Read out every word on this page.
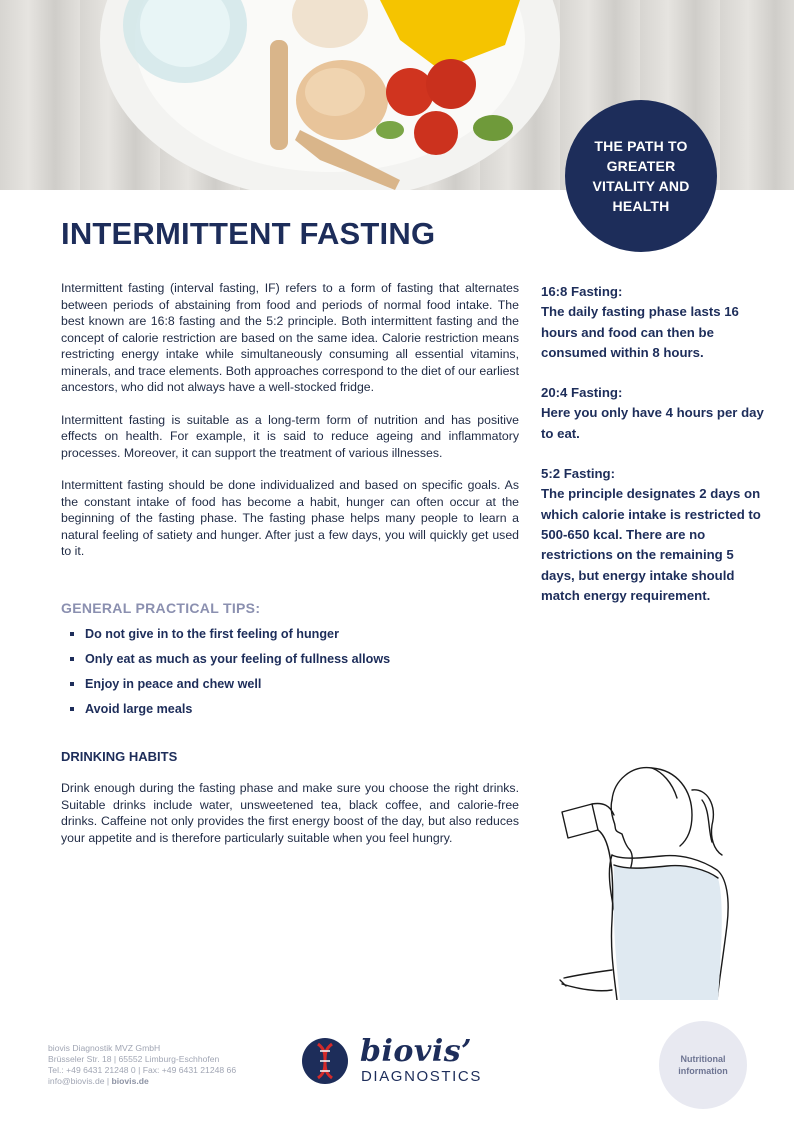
THE PATH TO GREATER VITALITY AND HEALTH
INTERMITTENT FASTING

Intermittent fasting (interval fasting, IF) refers to a form of fasting that alternates between periods of abstaining from food and periods of normal food intake. The best known are 16:8 fasting and the 5:2 principle. Both intermittent fasting and the concept of calorie restriction are based on the same idea. Calorie restriction means restricting energy intake while simultaneously consuming all essential vitamins, minerals, and trace elements. Both approaches correspond to the diet of our earliest ancestors, who did not always have a well-stocked fridge.

Intermittent fasting is suitable as a long-term form of nutrition and has positive effects on health. For example, it is said to reduce ageing and inflammatory processes. Moreover, it can support the treatment of various illnesses.

Intermittent fasting should be done individualized and based on specific goals. As the constant intake of food has become a habit, hunger can often occur at the beginning of the fasting phase. The fasting phase helps many people to learn a natural feeling of satiety and hunger. After just a few days, you will quickly get used to it.

GENERAL PRACTICAL TIPS:
Do not give in to the first feeling of hunger
Only eat as much as your feeling of fullness allows
Enjoy in peace and chew well
Avoid large meals
DRINKING HABITS

Drink enough during the fasting phase and make sure you choose the right drinks. Suitable drinks include water, unsweetened tea, black coffee, and calorie-free drinks. Caffeine not only provides the first energy boost of the day, but also reduces your appetite and is therefore particularly suitable when you feel hungry.

16:8 Fasting:
The daily fasting phase lasts 16 hours and food can then be consumed within 8 hours.
20:4 Fasting:
Here you only have 4 hours per day to eat.
5:2 Fasting:
The principle designates 2 days on which calorie intake is restricted to 500-650 kcal. There are no restrictions on the remaining 5 days, but energy intake should match energy requirement.
biovis Diagnostik MVZ GmbH
Brüsseler Str. 18 | 65552 Limburg-Eschhofen
Tel.: +49 6431 21248 0 | Fax: +49 6431 21248 66
info@biovis.de | biovis.de
biovis’
DIAGNOSTICS
Nutritional information
